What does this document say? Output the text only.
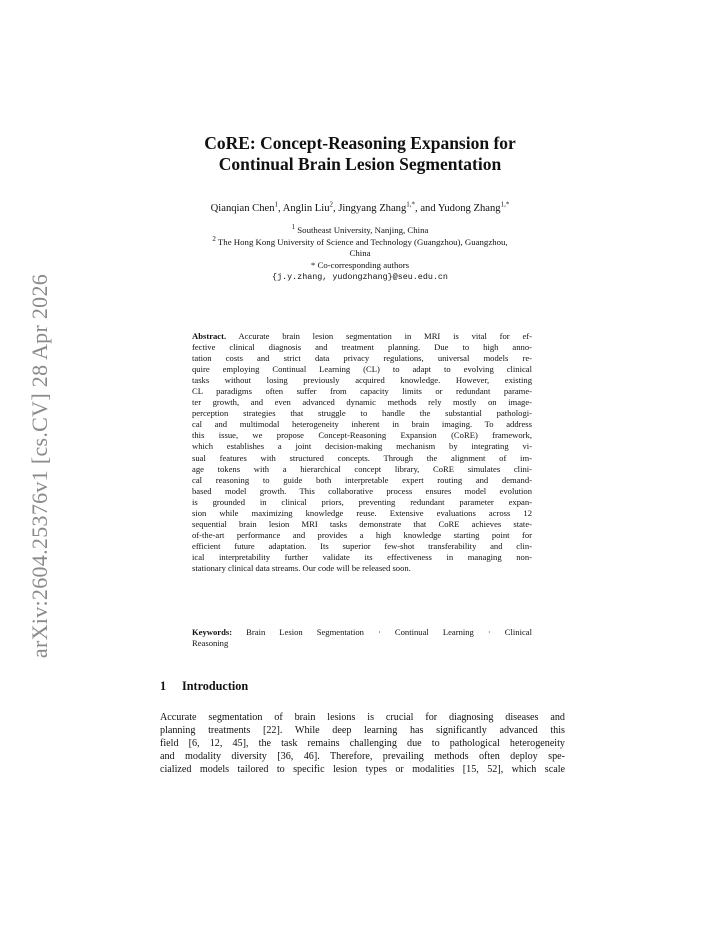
arXiv:2604.25376v1 [cs.CV] 28 Apr 2026
CoRE: Concept-Reasoning Expansion for
Continual Brain Lesion Segmentation
Qianqian Chen$^1$, Anglin Liu$^2$, Jingyang Zhang$^{1,*}$, and Yudong Zhang$^{1,*}$
$^1$ Southeast University, Nanjing, China
$^2$ The Hong Kong University of Science and Technology (Guangzhou), Guangzhou,
China
* Co-corresponding authors
{j.y.zhang, yudongzhang}@seu.edu.cn
Abstract. Accurate brain lesion segmentation in MRI is vital for ef-
fective clinical diagnosis and treatment planning. Due to high anno-
tation costs and strict data privacy regulations, universal models re-
quire employing Continual Learning (CL) to adapt to evolving clinical
tasks without losing previously acquired knowledge. However, existing
CL paradigms often suffer from capacity limits or redundant parame-
ter growth, and even advanced dynamic methods rely mostly on image-
perception strategies that struggle to handle the substantial pathologi-
cal and multimodal heterogeneity inherent in brain imaging. To address
this issue, we propose Concept-Reasoning Expansion (CoRE) framework,
which establishes a joint decision-making mechanism by integrating vi-
sual features with structured concepts. Through the alignment of im-
age tokens with a hierarchical concept library, CoRE simulates clini-
cal reasoning to guide both interpretable expert routing and demand-
based model growth. This collaborative process ensures model evolution
is grounded in clinical priors, preventing redundant parameter expan-
sion while maximizing knowledge reuse. Extensive evaluations across 12
sequential brain lesion MRI tasks demonstrate that CoRE achieves state-
of-the-art performance and provides a high knowledge starting point for
efficient future adaptation. Its superior few-shot transferability and clin-
ical interpretability further validate its effectiveness in managing non-
stationary clinical data streams. Our code will be released soon.
Keywords: Brain Lesion Segmentation · Continual Learning · Clinical
Reasoning
1 Introduction
Accurate segmentation of brain lesions is crucial for diagnosing diseases and
planning treatments [22]. While deep learning has significantly advanced this
field [6, 12, 45], the task remains challenging due to pathological heterogeneity
and modality diversity [36, 46]. Therefore, prevailing methods often deploy spe-
cialized models tailored to specific lesion types or modalities [15, 52], which scale
